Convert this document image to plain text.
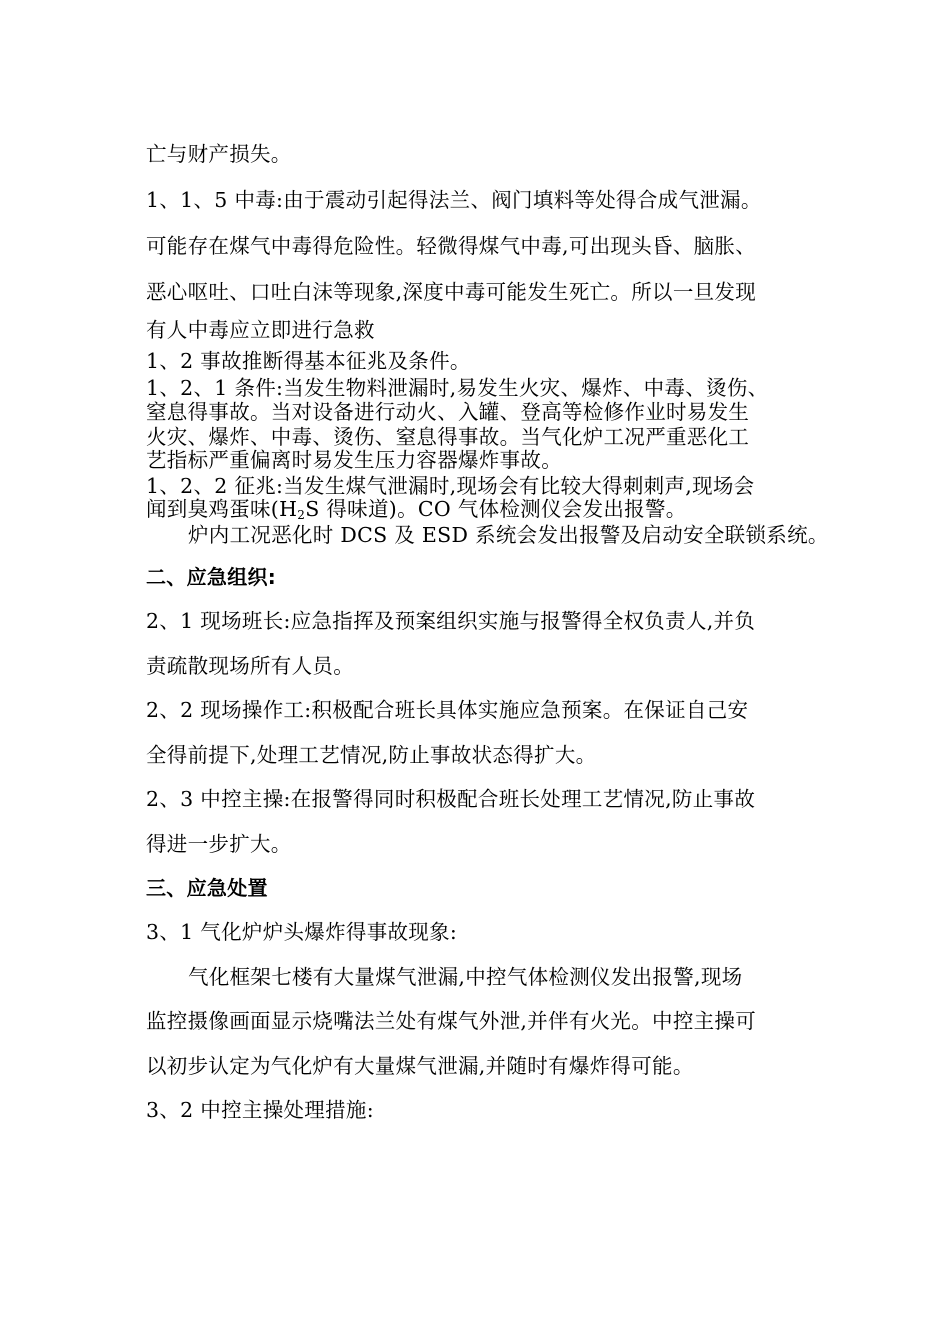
亡与财产损失。
1、1、5 中毒:由于震动引起得法兰、阀门填料等处得合成气泄漏。
可能存在煤气中毒得危险性。轻微得煤气中毒,可出现头昏、脑胀、
恶心呕吐、口吐白沫等现象,深度中毒可能发生死亡。所以一旦发现
有人中毒应立即进行急救
1、2 事故推断得基本征兆及条件。
1、2、1 条件:当发生物料泄漏时,易发生火灾、爆炸、中毒、烫伤、
窒息得事故。当对设备进行动火、入罐、登高等检修作业时易发生
火灾、爆炸、中毒、烫伤、窒息得事故。当气化炉工况严重恶化工
艺指标严重偏离时易发生压力容器爆炸事故。
1、2、2 征兆:当发生煤气泄漏时,现场会有比较大得刺刺声,现场会
闻到臭鸡蛋味($H_2S$ 得味道)。CO 气体检测仪会发出报警。
炉内工况恶化时 DCS 及 ESD 系统会发出报警及启动安全联锁系统。
二、应急组织:
2、1 现场班长:应急指挥及预案组织实施与报警得全权负责人,并负
责疏散现场所有人员。
2、2 现场操作工:积极配合班长具体实施应急预案。在保证自己安
全得前提下,处理工艺情况,防止事故状态得扩大。
2、3 中控主操:在报警得同时积极配合班长处理工艺情况,防止事故
得进一步扩大。
三、应急处置
3、1 气化炉炉头爆炸得事故现象:
气化框架七楼有大量煤气泄漏,中控气体检测仪发出报警,现场
监控摄像画面显示烧嘴法兰处有煤气外泄,并伴有火光。中控主操可
以初步认定为气化炉有大量煤气泄漏,并随时有爆炸得可能。
3、2 中控主操处理措施:
